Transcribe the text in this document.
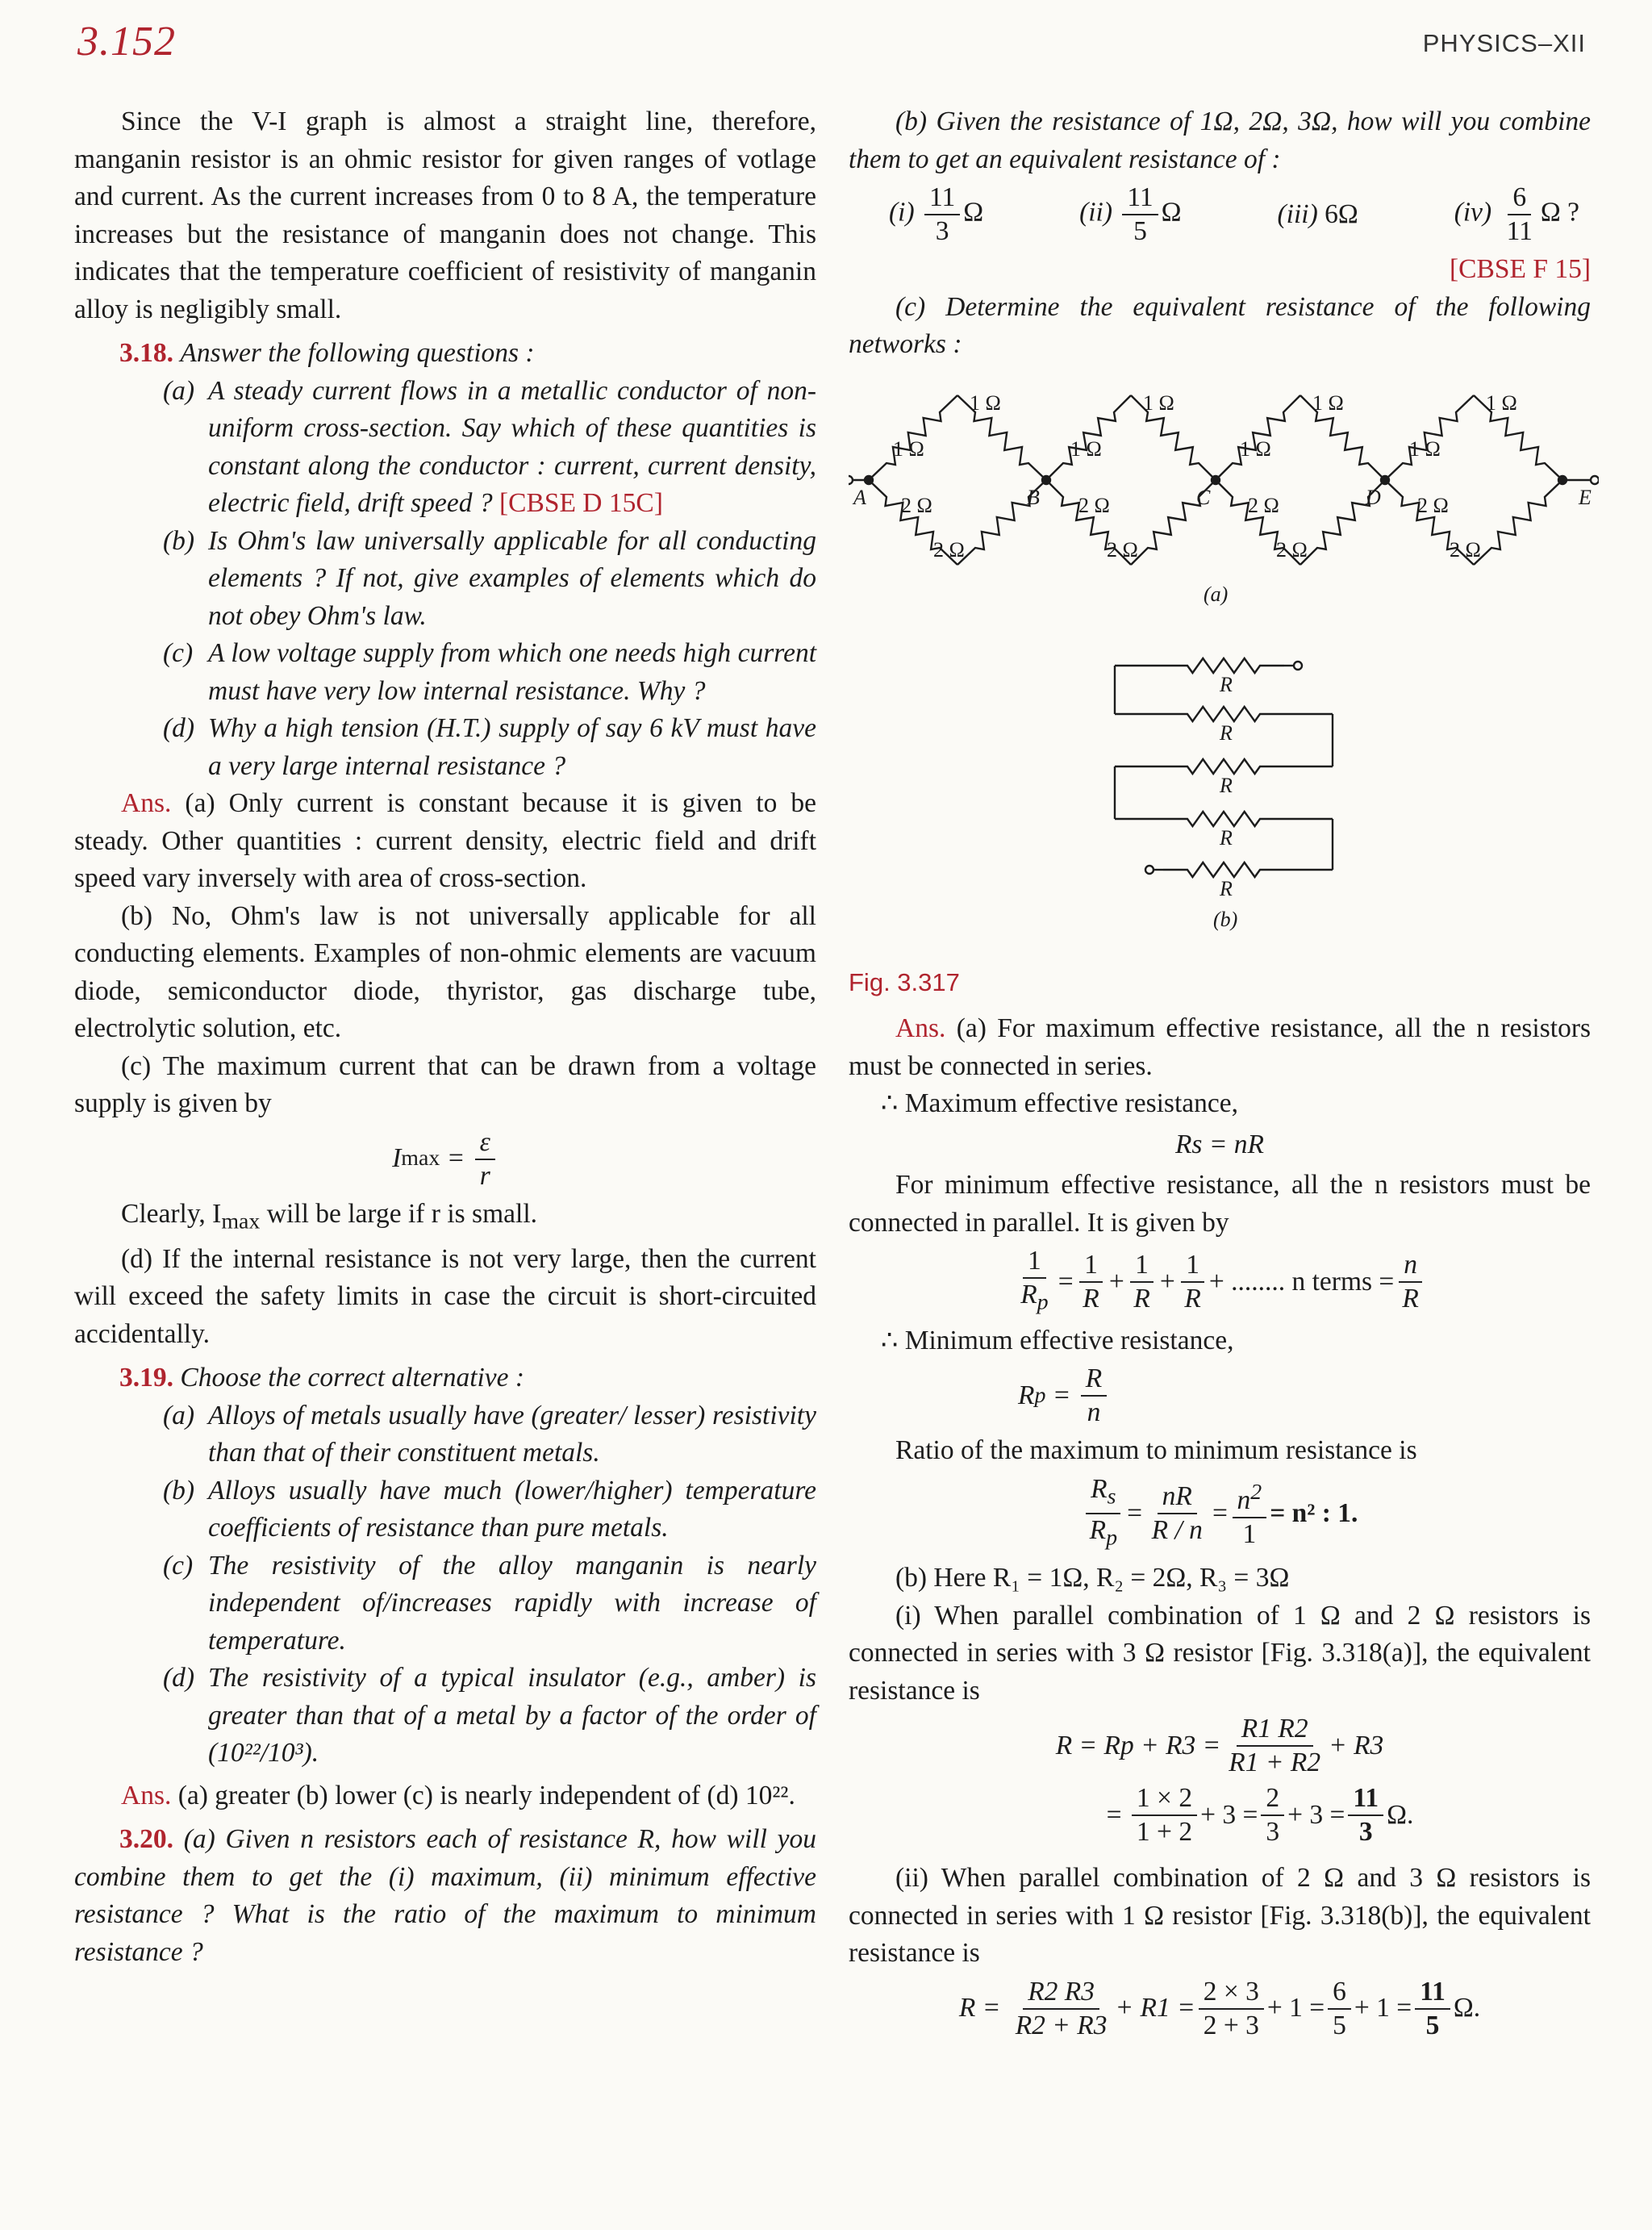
3.152	PHYSICS–XII

Since the V-I graph is almost a straight line, therefore, manganin resistor is an ohmic resistor for given ranges of votlage and current. As the current increases from 0 to 8 A, the temperature increases but the resistance of manganin does not change. This indicates that the temperature coefficient of resistivity of manganin alloy is negligibly small.

3.18. Answer the following questions :

(a) A steady current flows in a metallic conductor of non-uniform cross-section. Say which of these quantities is constant along the conductor : current, current density, electric field, drift speed ? [CBSE D 15C]
(b) Is Ohm's law universally applicable for all conducting elements ? If not, give examples of elements which do not obey Ohm's law.
(c) A low voltage supply from which one needs high current must have very low internal resistance. Why ?
(d) Why a high tension (H.T.) supply of say 6 kV must have a very large internal resistance ?

Ans. (a) Only current is constant because it is given to be steady. Other quantities : current density, electric field and drift speed vary inversely with area of cross-section.

(b) No, Ohm's law is not universally applicable for all conducting elements. Examples of non-ohmic elements are vacuum diode, semiconductor diode, thyristor, gas discharge tube, electrolytic solution, etc.

(c) The maximum current that can be drawn from a voltage supply is given by

I $\max = \frac{\varepsilon}{r}$

Clearly, $I_{max}$ will be large if r is small.

(d) If the internal resistance is not very large, then the current will exceed the safety limits in case the circuit is short-circuited accidentally.

3.19. Choose the correct alternative :

(a) Alloys of metals usually have (greater/ lesser) resistivity than that of their constituent metals.
(b) Alloys usually have much (lower/higher) temperature coefficients of resistance than pure metals.
(c) The resistivity of the alloy manganin is nearly independent of/increases rapidly with increase of temperature.
(d) The resistivity of a typical insulator (e.g., amber) is greater than that of a metal by a factor of the order of (10²²/10³).

Ans. (a) greater (b) lower (c) is nearly independent of (d) 10²².

3.20. (a) Given n resistors each of resistance R, how will you combine them to get the (i) maximum, (ii) minimum effective resistance ? What is the ratio of the maximum to minimum resistance ?

(b) Given the resistance of 1Ω, 2Ω, 3Ω, how will you combine them to get an equivalent resistance of :

$(i) \frac{11}{3}$ Ω	$(ii) \frac{11}{5}$ Ω	(iii) 6Ω	$(iv) \frac{6}{11}$ Ω ?

[CBSE F 15]

(c) Determine the equivalent resistance of the following networks :

1 Ω
1 Ω
2 Ω
2 Ω
1 Ω
1 Ω
2 Ω
2 Ω
1 Ω
1 Ω
2 Ω
2 Ω
1 Ω
1 Ω
2 Ω
2 Ω
A	B	C	D	E
(a)
R
R
R
R
R
(b)
Fig. 3.317

Ans. (a) For maximum effective resistance, all the n resistors must be connected in series.

∴ Maximum effective resistance,

Rs = nR

For minimum effective resistance, all the n resistors must be connected in parallel. It is given by

$\frac{1}{R_p} = \frac{1}{R} + \frac{1}{R} + \frac{1}{R}$ + ........ n terms = $\frac{n}{R}$

∴ Minimum effective resistance,

R $p = \frac{R}{n}$

Ratio of the maximum to minimum resistance is

$\frac{R_s}{R_p} = \frac{nR}{R / n} = \frac{n^2}{1} = n^2$ : 1.

(b) Here R₁ = 1Ω, R₂ = 2Ω, R₃ = 3Ω

(i) When parallel combination of 1 Ω and 2 Ω resistors is connected in series with 3 Ω resistor [Fig. 3.318(a)], the equivalent resistance is

$R = Rp + R3 = \frac{R1 R2}{R1 + R2} + R3$
= $\frac{1 \times 2}{1 + 2} + 3 = \frac{2}{3} + 3 = \frac{11}{3} \Omega$.

(ii) When parallel combination of 2 Ω and 3 Ω resistors is connected in series with 1 Ω resistor [Fig. 3.318(b)], the equivalent resistance is

R =
$\frac{R2 R3}{R2 + R3} + R1 = \frac{2 \times 3}{2 + 3} + 1 = \frac{6}{5} + 1 = \frac{11}{5} \Omega$.
